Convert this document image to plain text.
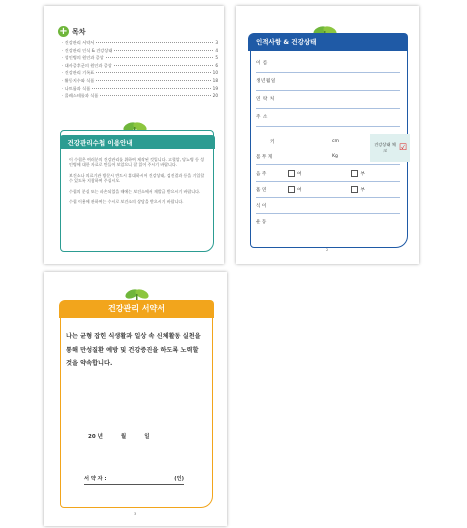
+ 목차
· 건강관리 서약서	3
· 건강관리 인식 & 건강상태	4
· 성인병의 원인과 증상	5
· 대사증후군의 원인과 증상	6
· 건강관리 기록표	10
· 활동지수와 식품	18
· 나트륨과 식품	19
· 콜레스테롤과 식품	20
건강관리수첩 이용안내

이 수첩은 여러분의 건강관리를 위하여 제작된 것입니다. 고혈압, 당뇨병 등 성인병에 대한 자료로 만들어 보았으니 잘 읽어 주시기 바랍니다.

보건소나 의료기관 방문시 반드시 휴대하시어 건강상태, 검진결과 등을 기입할 수 있도록 지참하여 주십시오.

수첩의 분실 또는 파손되었을 때에는 보건소에서 재발급 받으시기 바랍니다.

수첩 이용에 관하여는 수시로 보건소의 상담을 받으시기 바랍니다.

인적사항 & 건강상태
이 름
생년월일
연 락 처
주 소
키	cm
몸 무 게	Kg
건강상태 체 크	☑
음 주	여	부
흡 연	여	부
식 이
운 동
2
건강관리 서약서
나는 균형 잡힌 식생활과 일상 속 신체활동 실천을 통해 만성질환 예방 및 건강증진을 하도록 노력할 것을 약속합니다.
20 년	월	일
서 약 자 :	(인)
3
